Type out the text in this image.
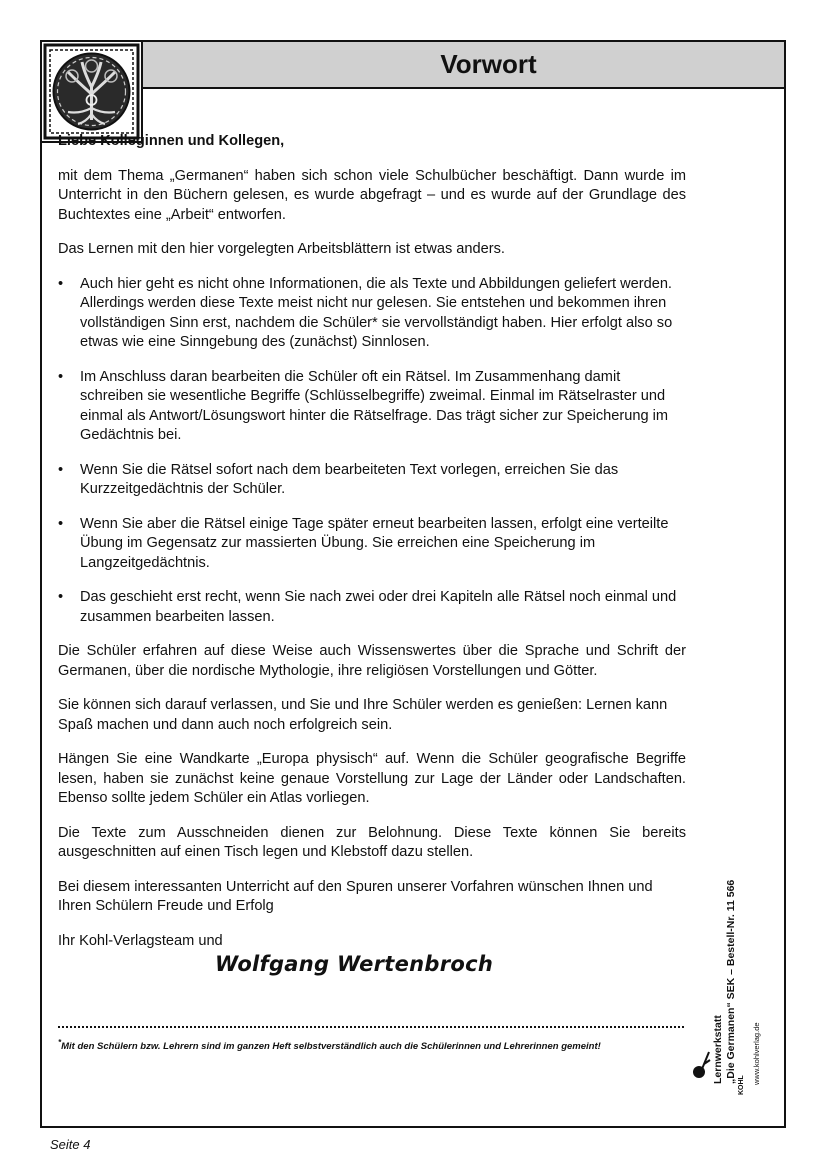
Vorwort

Liebe Kolleginnen und Kollegen,

mit dem Thema „Germanen“ haben sich schon viele Schulbücher beschäftigt. Dann wurde im Unterricht in den Büchern gelesen, es wurde abgefragt – und es wurde auf der Grundlage des Buchtextes eine „Arbeit“ entworfen.

Das Lernen mit den hier vorgelegten Arbeitsblättern ist etwas anders.

• Auch hier geht es nicht ohne Informationen, die als Texte und Abbildungen geliefert werden. Allerdings werden diese Texte meist nicht nur gelesen. Sie entstehen und bekommen ihren vollständigen Sinn erst, nachdem die Schüler* sie vervollständigt haben. Hier erfolgt also so etwas wie eine Sinngebung des (zunächst) Sinnlosen.
• Im Anschluss daran bearbeiten die Schüler oft ein Rätsel. Im Zusammenhang damit schreiben sie wesentliche Begriffe (Schlüsselbegriffe) zweimal. Einmal im Rätselraster und einmal als Antwort/Lösungswort hinter die Rätselfrage. Das trägt sicher zur Speicherung im Gedächtnis bei.
• Wenn Sie die Rätsel sofort nach dem bearbeiteten Text vorlegen, erreichen Sie das Kurzzeitgedächtnis der Schüler.
• Wenn Sie aber die Rätsel einige Tage später erneut bearbeiten lassen, erfolgt eine verteilte Übung im Gegensatz zur massierten Übung. Sie erreichen eine Speicherung im Langzeitgedächtnis.
• Das geschieht erst recht, wenn Sie nach zwei oder drei Kapiteln alle Rätsel noch einmal und zusammen bearbeiten lassen.

Die Schüler erfahren auf diese Weise auch Wissenswertes über die Sprache und Schrift der Germanen, über die nordische Mythologie, ihre religiösen Vorstellungen und Götter.

Sie können sich darauf verlassen, und Sie und Ihre Schüler werden es genießen: Lernen kann Spaß machen und dann auch noch erfolgreich sein.

Hängen Sie eine Wandkarte „Europa physisch“ auf. Wenn die Schüler geografische Begriffe lesen, haben sie zunächst keine genaue Vorstellung zur Lage der Länder oder Landschaften. Ebenso sollte jedem Schüler ein Atlas vorliegen.

Die Texte zum Ausschneiden dienen zur Belohnung. Diese Texte können Sie bereits ausgeschnitten auf einen Tisch legen und Klebstoff dazu stellen.

Bei diesem interessanten Unterricht auf den Spuren unserer Vorfahren wünschen Ihnen und Ihren Schülern Freude und Erfolg

Ihr Kohl-Verlagsteam und

Wolfgang Wertenbroch
*Mit den Schülern bzw. Lehrern sind im ganzen Heft selbstverständlich auch die Schülerinnen und Lehrerinnen gemeint!	Lernwerkstatt „Die Germanen“ SEK – Bestell-Nr. 11 566 www.kohlverlag.de
KOHL
Seite 4
